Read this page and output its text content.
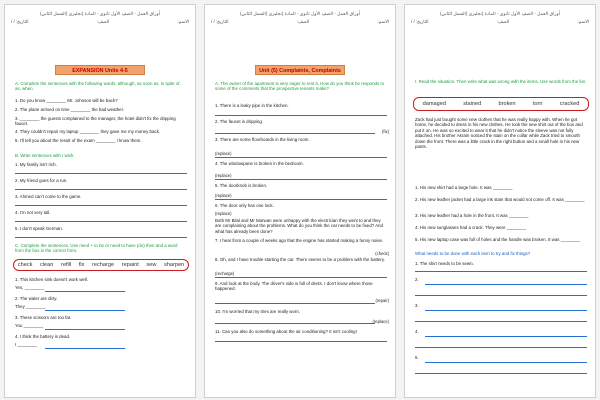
أوراق العمل - الصف الأول ثانوي - المادة إنجليزي (الفصل الثاني)
الاسم:
الصف:
التاريخ: / /
EXPANSION Units 4-5
A. Complete the sentences with the following words: although, as soon as, in spite of, as, when.
1. Do you know ________ Mr. Johnson will be back?
2. The plane arrived on time ________ the bad weather.
3. ________ the guests complained to the manager, the hotel didn't fix the dripping faucet.
4. They couldn't repair my laptop ________ they gave me my money back.
5. I'll tell you about the result of the exam ________ I know them.
B. Write sentences with I wish.
1. My family isn't rich.
2. My friend goes for a run.
3. Ahmed can't come to the game.
4. I'm not very tall.
5. I don't speak German.
C. Complete the sentences. Use need + to be or need to have (do) then and a word from the box in the correct form.
check clean refill fix recharge repaint sew sharpen
1. This kitchen sink doesn't work well.
Yes, ________
2. The water are dirty.
They ________
3. These scissors are too fat.
You ________
4. I think the battery is dead.
I ________
أوراق العمل - الصف الأول ثانوي - المادة إنجليزي (الفصل الثاني)
الاسم:
الصف:
التاريخ: / /
Unit (5) Complaints, Complaints
A. The owner of the apartment is very eager to rent it. How do you think he responds to some of the comments that the prospective tenants make?
1. There is a leaky pipe in the kitchen.
2. The faucet is dripping.
(fix)
3. There are some floorboards in the living room.
(replace)
4. The windowpane is broken in the bedroom.
(replace)
5. The doorknob is broken.
(replace)
6. The door only has one lock.
(replace)
Both Mr Bilal and Mr Marwan were unhappy with the electrician they went to and they are complaining about the problems. What do you think the car needs to be fixed? And what has already been done?
7. I hear from a couple of weeks ago that the engine has started making a funny noise.
(check)
8. Oh, and I have trouble starting the car. There seems to be a problem with the battery.
(recharge)
9. And look at the body. The driver's side is full of dents. I don't know where those happened.
(repair)
10. I'm worried that my tires are really worn.
(replace)
11. Can you also do something about the air conditioning? It isn't cooling!
أوراق العمل - الصف الأول ثانوي - المادة إنجليزي (الفصل الثاني)
الاسم:
الصف:
التاريخ: / /
I. Read the situation. Then write what was wrong with the items. Use words from the list.
damaged	stained	broken	torn	cracked
Zack had just bought some new clothes that he was really happy with. When he got home, he decided to dress in his new clothes. He took the new shirt out of the box and put it on. He was so excited to wear it that he didn't notice the sleeve was not fully attached. His brother Akram noticed the stain on the collar while Zack tried to smooth down the front. There was a little crack in the right button and a small hole in his new pants.
1. His new shirt had a large hole. It was ________
2. His new leather jacket had a large ink stain that would not come off. It was ________
3. His new leather had a hole in the front. It was ________
4. His new sunglasses had a crack. They were ________
5. His new laptop case was full of holes and the handle was broken. It was ________
What needs to be done with each item to try and fix things?
1. The shirt needs to be sewn.
2.
3.
4.
5.
